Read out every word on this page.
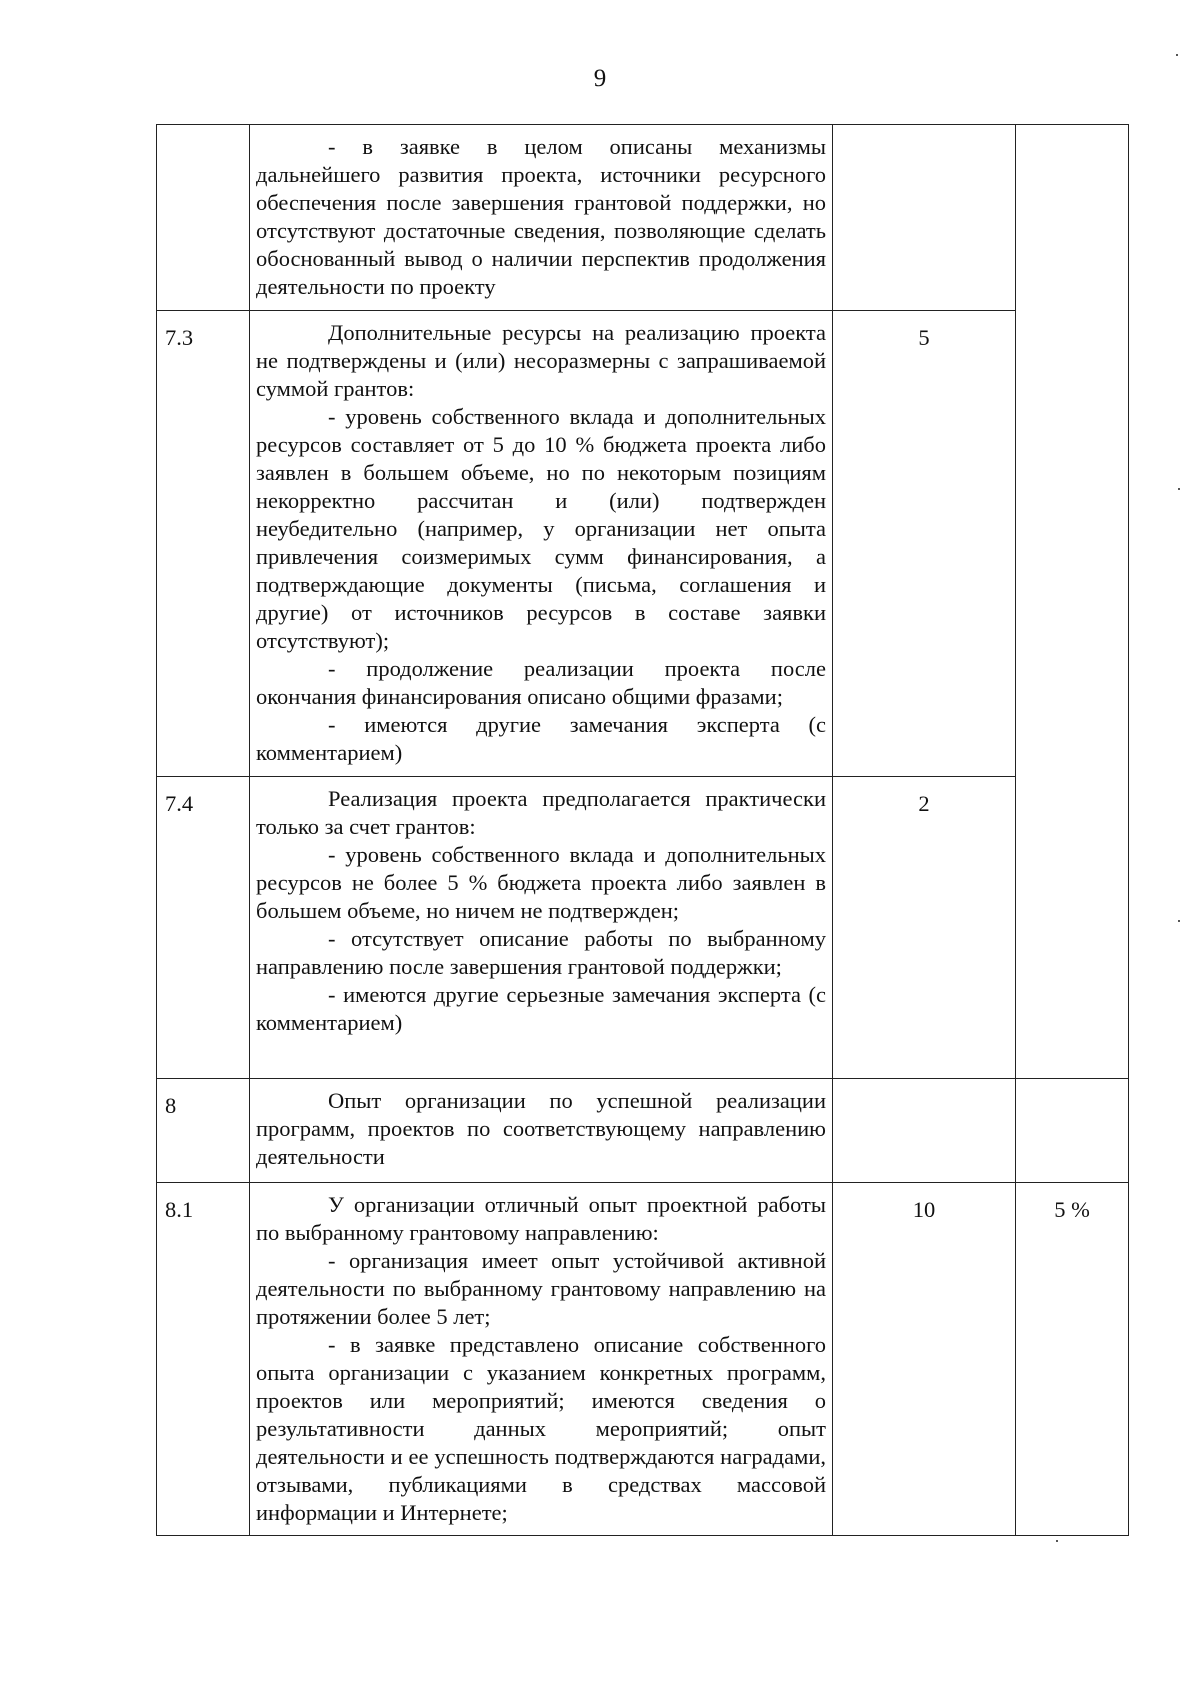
9

	- в заявке в целом описаны механизмы дальнейшего развития проекта, источники ресурсного обеспечения после завершения грантовой поддержки, но отсутствуют достаточные сведения, позволяющие сделать обоснованный вывод о наличии перспектив продолжения деятельности по проекту		

7.3	Дополнительные ресурсы на реализацию проекта не подтверждены и (или) несоразмерны с запрашиваемой суммой грантов:

- уровень собственного вклада и дополнительных ресурсов составляет от 5 до 10 % бюджета проекта либо заявлен в большем объеме, но по некоторым позициям некорректно рассчитан и (или) подтвержден неубедительно (например, у организации нет опыта привлечения соизмеримых сумм финансирования, а подтверждающие документы (письма, соглашения и другие) от источников ресурсов в составе заявки отсутствуют);

- продолжение реализации проекта после окончания финансирования описано общими фразами;

- имеются другие замечания эксперта (с комментарием)	5	
7.4	Реализация проекта предполагается практически только за счет грантов:

- уровень собственного вклада и дополнительных ресурсов не более 5 % бюджета проекта либо заявлен в большем объеме, но ничем не подтвержден;

- отсутствует описание работы по выбранному направлению после завершения грантовой поддержки;

- имеются другие серьезные замечания эксперта (с комментарием)	2	
8	Опыт организации по успешной реализации программ, проектов по соответствующему направлению деятельности		

8.1	У организации отличный опыт проектной работы по выбранному грантовому направлению:

- организация имеет опыт устойчивой активной деятельности по выбранному грантовому направлению на протяжении более 5 лет;

- в заявке представлено описание собственного опыта организации с указанием конкретных программ, проектов или мероприятий; имеются сведения о результативности данных мероприятий; опыт деятельности и ее успешность подтверждаются наградами, отзывами, публикациями в средствах массовой информации и Интернете;	10	5 %
